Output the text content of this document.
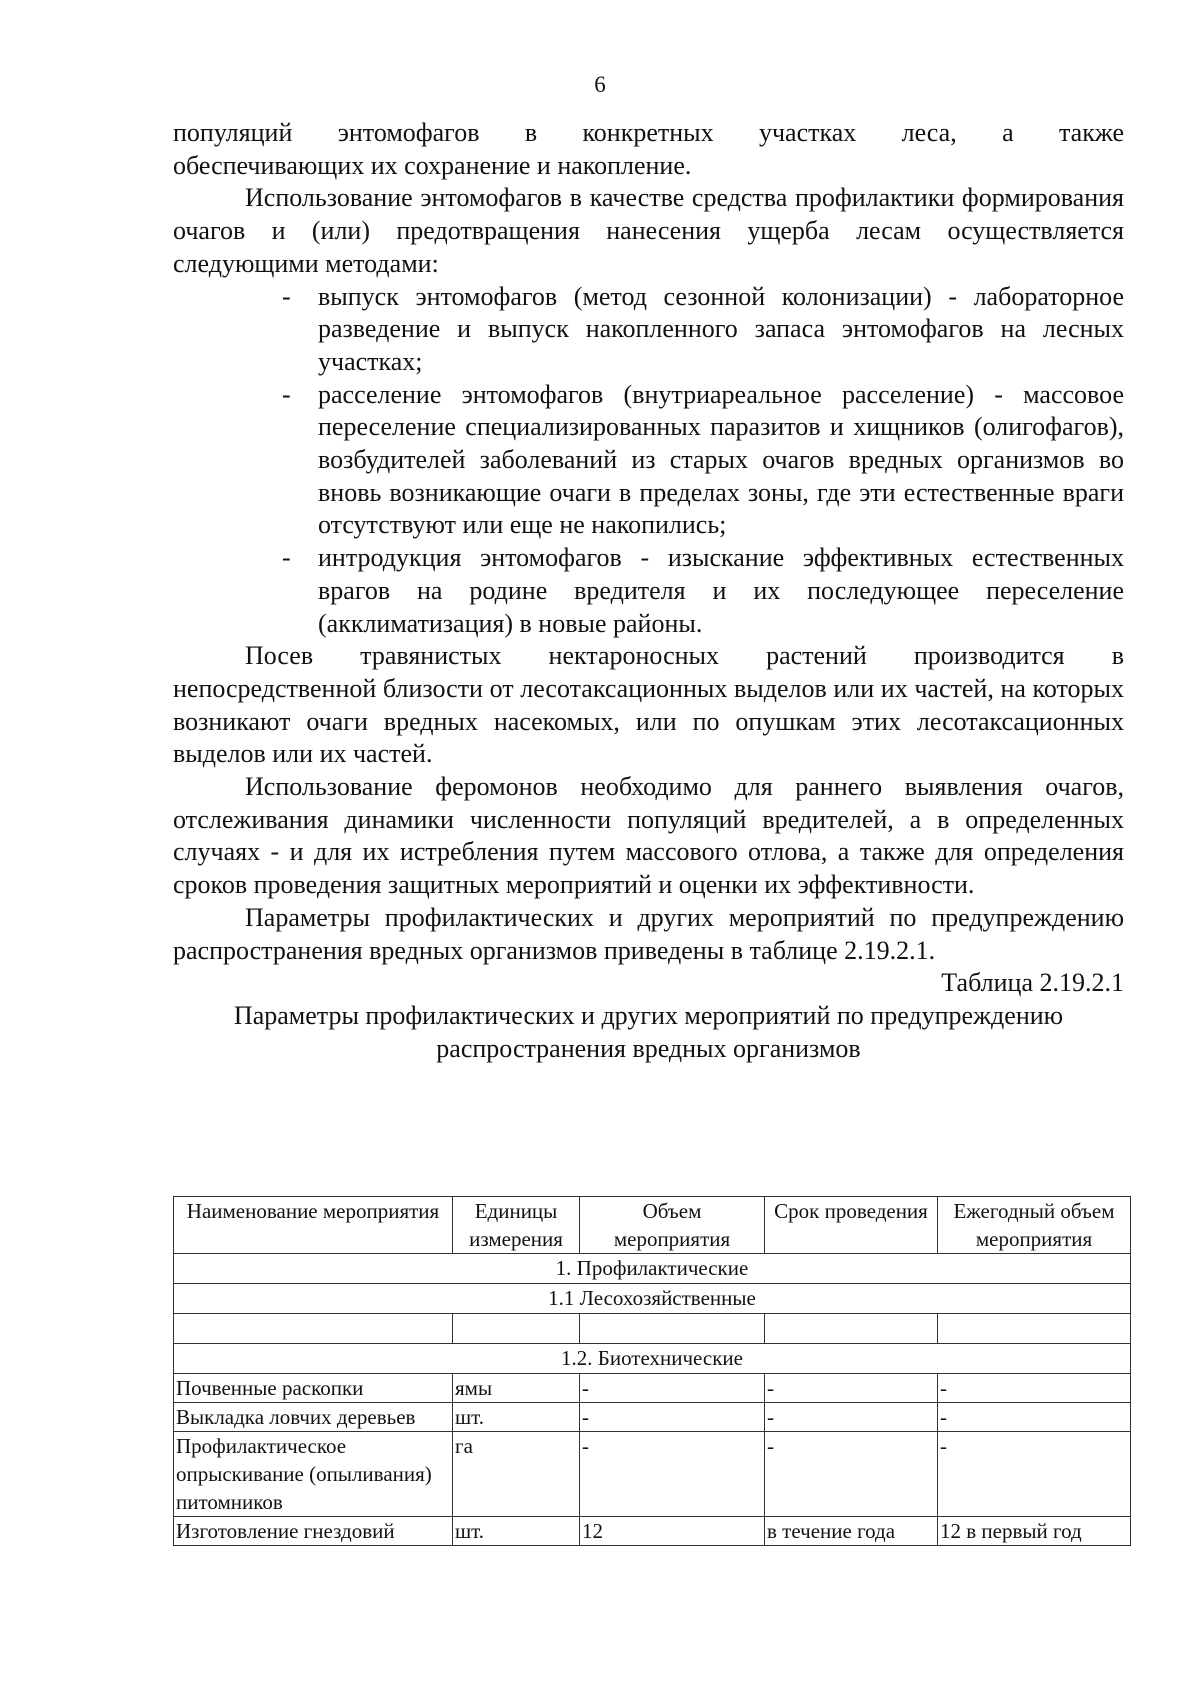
6

популяций энтомофагов в конкретных участках леса, а также

обеспечивающих их сохранение и накопление.

Использование энтомофагов в качестве средства профилактики формирования очагов и (или) предотвращения нанесения ущерба лесам осуществляется следующими методами:

- выпуск энтомофагов (метод сезонной колонизации) - лабораторное разведение и выпуск накопленного запаса энтомофагов на лесных участках;
- расселение энтомофагов (внутриареальное расселение) - массовое переселение специализированных паразитов и хищников (олигофагов), возбудителей заболеваний из старых очагов вредных организмов во вновь возникающие очаги в пределах зоны, где эти естественные враги отсутствуют или еще не накопились;
- интродукция энтомофагов - изыскание эффективных естественных врагов на родине вредителя и их последующее переселение (акклиматизация) в новые районы.

Посев травянистых нектароносных растений производится в непосредственной близости от лесотаксационных выделов или их частей, на которых возникают очаги вредных насекомых, или по опушкам этих лесотаксационных выделов или их частей.

Использование феромонов необходимо для раннего выявления очагов, отслеживания динамики численности популяций вредителей, а в определенных случаях - и для их истребления путем массового отлова, а также для определения сроков проведения защитных мероприятий и оценки их эффективности.

Параметры профилактических и других мероприятий по предупреждению распространения вредных организмов приведены в таблице 2.19.2.1.

Таблица 2.19.2.1

Параметры профилактических и других мероприятий по предупреждению

распространения вредных организмов

Наименование мероприятия	Единицы измерения	Объем мероприятия	Срок проведения	Ежегодный объем мероприятия
1. Профилактические				
1.1 Лесохозяйственные				

1.2. Биотехнические				
Почвенные раскопки	ямы	-	-	-
Выкладка ловчих деревьев	шт.	-	-	-
Профилактическое опрыскивание (опыливания) питомников	га	-	-	-
Изготовление гнездовий	шт.	12	в течение года	12 в первый год
